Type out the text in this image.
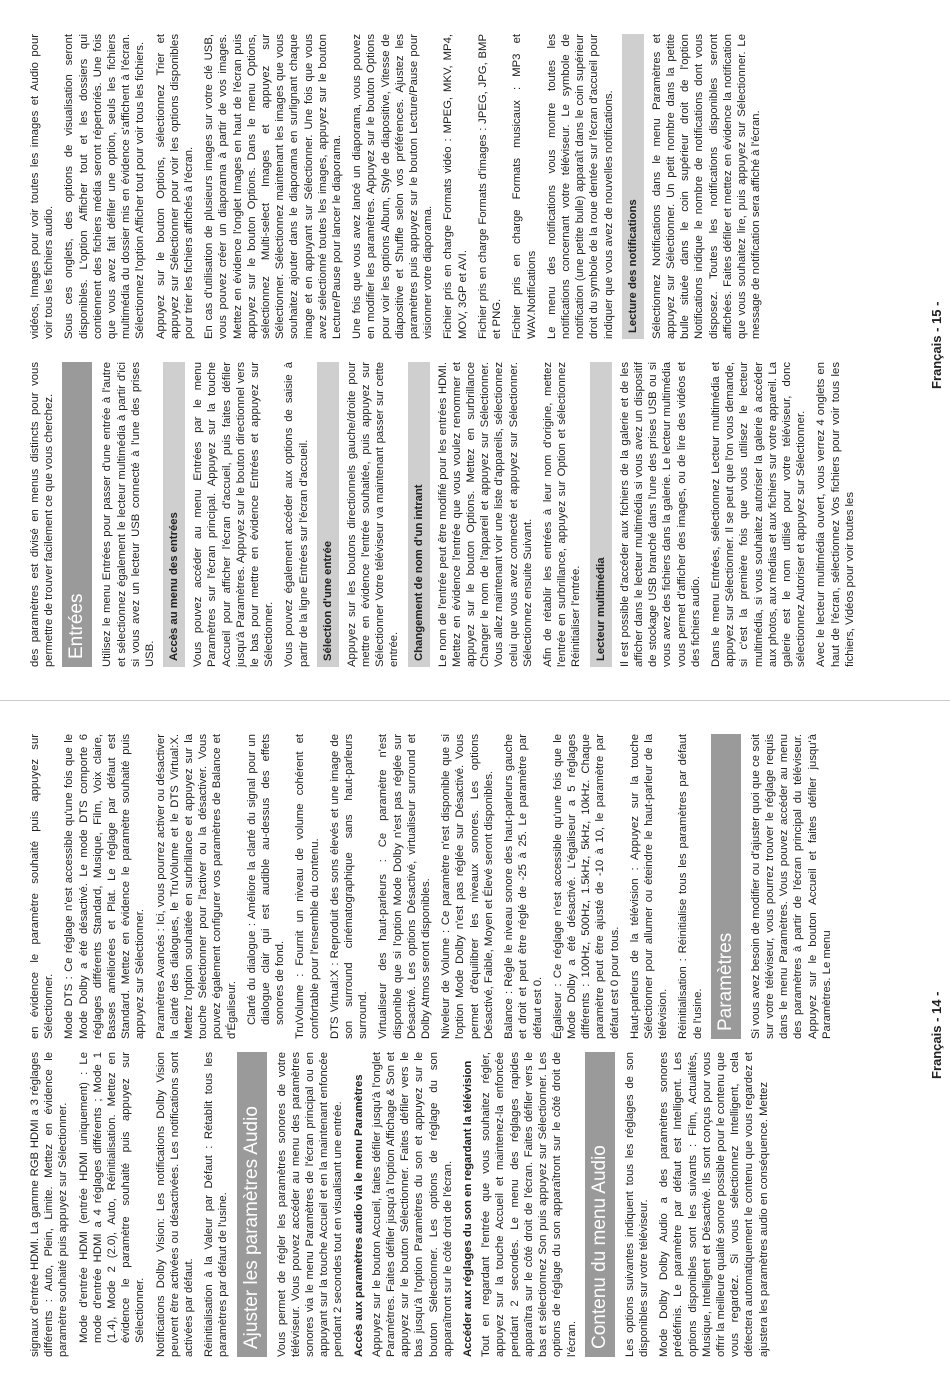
signaux d'entrée HDMI. La gamme RGB HDMI a 3 réglages différents : Auto, Plein, Limite. Mettez en évidence le paramètre souhaité puis appuyez sur Sélectionner. Mode d'entrée HDMI (entrée HDMI uniquement) : Le mode d'entrée HDMI a 4 réglages différents ; Mode 1 (1.4), Mode 2 (2.0), Auto, Réinitialisation. Mettez en évidence le paramètre souhaité puis appuyez sur Sélectionner. Notifications Dolby Vision: Les notifications Dolby Vision peuvent être activées ou désactivées. Les notifications sont activées par défaut. Réinitialisation à la Valeur par Défaut : Rétablit tous les paramètres par défaut de l'usine. Ajuster les paramètres Audio	Vous permet de régler les paramètres sonores de votre téléviseur. Vous pouvez accéder au menu des paramètres sonores via le menu Paramètres de l'écran principal ou en appuyant sur la touche Accueil et en la maintenant enfoncée pendant 2 secondes tout en visualisant une entrée. Accès aux paramètres audio via le menu Paramètres Appuyez sur le bouton Accueil, faites défiler jusqu'à l'onglet Paramètres. Faites défiler jusqu'à l'option Affichage & Son et appuyez sur le bouton Sélectionner. Faites défiler vers le bas jusqu'à l'option Paramètres du son et appuyez sur le bouton Sélectionner. Les options de réglage du son apparaîtront sur le côté droit de l'écran. Accéder aux réglages du son en regardant la télévision Tout en regardant l'entrée que vous souhaitez régler, appuyez sur la touche Accueil et maintenez-la enfoncée pendant 2 secondes. Le menu des réglages rapides apparaîtra sur le côté droit de l'écran. Faites défiler vers le bas et sélectionnez Son puis appuyez sur Sélectionner. Les options de réglage du son apparaîtront sur le côté droit de l'écran. Contenu du menu Audio	Les options suivantes indiquent tous les réglages de son disponibles sur votre téléviseur. Mode Dolby Dolby Audio a des paramètres sonores prédéfinis. Le paramètre par défaut est Intelligent. Les options disponibles sont les suivants : Film, Actualités, Musique, Intelligent et Désactivé. Ils sont conçus pour vous offrir la meilleure qualité sonore possible pour le contenu que vous regardez. Si vous sélectionnez Intelligent, cela détectera automatiquement le contenu que vous regardez et ajustera les paramètres audio en conséquence. Mettez

en évidence le paramètre souhaité puis appuyez sur Sélectionner. Mode DTS : Ce réglage n'est accessible qu'une fois que le Mode Dolby a été désactivé. Le mode DTS comporte 6 réglages différents Standard, Musique, Film, Voix claire, Basses améliorées et Plat. Le réglage par défaut est Standard. Mettez en évidence le paramètre souhaité puis appuyez sur Sélectionner. Paramètres Avancés : Ici, vous pourrez activer ou désactiver la clarté des dialogues, le TruVolume et le DTS Virtual:X. Mettez l'option souhaitée en surbrillance et appuyez sur la touche Sélectionner pour l'activer ou la désactiver. Vous pouvez également configurer vos paramètres de Balance et d'Égaliseur. Clarté du dialogue : Améliore la clarté du signal pour un dialogue clair qui est audible au-dessus des effets sonores de fond. TruVolume : Fournit un niveau de volume cohérent et confortable pour l'ensemble du contenu. DTS Virtual:X : Reproduit des sons élevés et une image de son surround cinématographique sans haut-parleurs surround. Virtualiseur des haut-parleurs : Ce paramètre n'est disponible que si l'option Mode Dolby n'est pas réglée sur Désactivé. Les options Désactivé, virtualiseur surround et Dolby Atmos seront disponibles. Niveleur de Volume : Ce paramètre n'est disponible que si l'option Mode Dolby n'est pas réglée sur Désactivé. Vous permet d'équilibrer les niveaux sonores. Les options Désactivé, Faible, Moyen et Élevé seront disponibles. Balance : Règle le niveau sonore des haut-parleurs gauche et droit et peut être réglé de -25 à 25. Le paramètre par défaut est 0. Égaliseur : Ce réglage n'est accessible qu'une fois que le Mode Dolby a été désactivé. L'égaliseur a 5 réglages différents : 100Hz, 500Hz, 1.5kHz, 5kHz, 10kHz. Chaque paramètre peut être ajusté de -10 à 10, le paramètre par défaut est 0 pour tous. Haut-parleurs de la télévision : Appuyez sur la touche Sélectionner pour allumer ou éteindre le haut-parleur de la télévision. Réinitialisation : Réinitialise tous les paramètres par défaut de l'usine. Paramètres	Si vous avez besoin de modifier ou d'ajuster quoi que ce soit sur votre téléviseur, vous pourrez trouver le réglage requis dans le menu Paramètres. Vous pouvez accéder au menu des paramètres à partir de l'écran principal du téléviseur. Appuyez sur le bouton Accueil et faites défiler jusqu'à Paramètres. Le menu	Français - 14 -

des paramètres est divisé en menus distincts pour vous permettre de trouver facilement ce que vous cherchez. Entrées	Utilisez le menu Entrées pour passer d'une entrée à l'autre et sélectionnez également le lecteur multimédia à partir d'ici si vous avez un lecteur USB connecté à l'une des prises USB.	Accès au menu des entrées	Vous pouvez accéder au menu Entrées par le menu Paramètres sur l'écran principal. Appuyez sur la touche Accueil pour afficher l'écran d'accueil, puis faites défiler jusqu'à Paramètres. Appuyez sur le bouton directionnel vers le bas pour mettre en évidence Entrées et appuyez sur Sélectionner. Vous pouvez également accéder aux options de saisie à partir de la ligne Entrées sur l'écran d'accueil.	Sélection d'une entrée	Appuyez sur les boutons directionnels gauche/droite pour mettre en évidence l'entrée souhaitée, puis appuyez sur Sélectionner Votre téléviseur va maintenant passer sur cette entrée.	Changement de nom d'un intrant	Le nom de l'entrée peut être modifié pour les entrées HDMI. Mettez en évidence l'entrée que vous voulez renommer et appuyez sur le bouton Options. Mettez en surbrillance Changer le nom de l'appareil et appuyez sur Sélectionner. Vous allez maintenant voir une liste d'appareils, sélectionnez celui que vous avez connecté et appuyez sur Sélectionner. Sélectionnez ensuite Suivant. Afin de rétablir les entrées à leur nom d'origine, mettez l'entrée en surbrillance, appuyez sur Option et sélectionnez Réinitialiser l'entrée.	Lecteur multimédia	Il est possible d'accéder aux fichiers de la galerie et de les afficher dans le lecteur multimédia si vous avez un dispositif de stockage USB branché dans l'une des prises USB ou si vous avez des fichiers dans la galerie. Le lecteur multimédia vous permet d'afficher des images, ou de lire des vidéos et des fichiers audio. Dans le menu Entrées, sélectionnez Lecteur multimédia et appuyez sur Sélectionner. Il se peut que l'on vous demande, si c'est la première fois que vous utilisez le lecteur multimédia, si vous souhaitez autoriser la galerie à accéder aux photos, aux médias et aux fichiers sur votre appareil. La galerie est le nom utilisé pour votre téléviseur, donc sélectionnez Autoriser et appuyez sur Sélectionner. Avec le lecteur multimédia ouvert, vous verrez 4 onglets en haut de l'écran, sélectionnez Vos fichiers pour voir tous les fichiers, Vidéos pour voir toutes les

vidéos, Images pour voir toutes les images et Audio pour voir tous les fichiers audio. Sous ces onglets, des options de visualisation seront disponibles. L'option Afficher tout et les dossiers qui contiennent des fichiers média seront répertoriés. Une fois que vous avez fait défiler une option, seuls les fichiers multimédia du dossier mis en évidence s'affichent à l'écran. Sélectionnez l'option Afficher tout pour voir tous les fichiers. Appuyez sur le bouton Options, sélectionnez Trier et appuyez sur Sélectionner pour voir les options disponibles pour trier les fichiers affichés à l'écran. En cas d'utilisation de plusieurs images sur votre clé USB, vous pouvez créer un diaporama à partir de vos images. Mettez en évidence l'onglet Images en haut de l'écran puis appuyez sur le bouton Options. Dans le menu Options, sélectionnez Multi-select Images et appuyez sur Sélectionner. Sélectionnez maintenant les images que vous souhaitez ajouter dans le diaporama en surlignant chaque image et en appuyant sur Sélectionner. Une fois que vous avez sélectionné toutes les images, appuyez sur le bouton Lecture/Pause pour lancer le diaporama. Une fois que vous avez lancé un diaporama, vous pouvez en modifier les paramètres. Appuyez sur le bouton Options pour voir les options Album, Style de diapositive, Vitesse de diapositive et Shuffle selon vos préférences. Ajustez les paramètres puis appuyez sur le bouton Lecture/Pause pour visionner votre diaporama. Fichier pris en charge Formats vidéo : MPEG, MKV, MP4, MOV, 3GP et AVI. Fichier pris en charge Formats d'images : JPEG, JPG, BMP et PNG. Fichier pris en charge Formats musicaux : MP3 et WAV.Notifications Le menu des notifications vous montre toutes les notifications concernant votre téléviseur. Le symbole de notification (une petite bulle) apparaît dans le coin supérieur droit du symbole de la roue dentée sur l'écran d'accueil pour indiquer que vous avez de nouvelles notifications.	Lecture des notifications	Sélectionnez Notifications dans le menu Paramètres et appuyez sur Sélectionner. Un petit nombre dans la petite bulle située dans le coin supérieur droit de l'option Notifications indique le nombre de notifications dont vous disposez. Toutes les notifications disponibles seront affichées. Faites défiler et mettez en évidence la notification que vous souhaitez lire, puis appuyez sur Sélectionner. Le message de notification sera affiché à l'écran.

Français - 15 -
